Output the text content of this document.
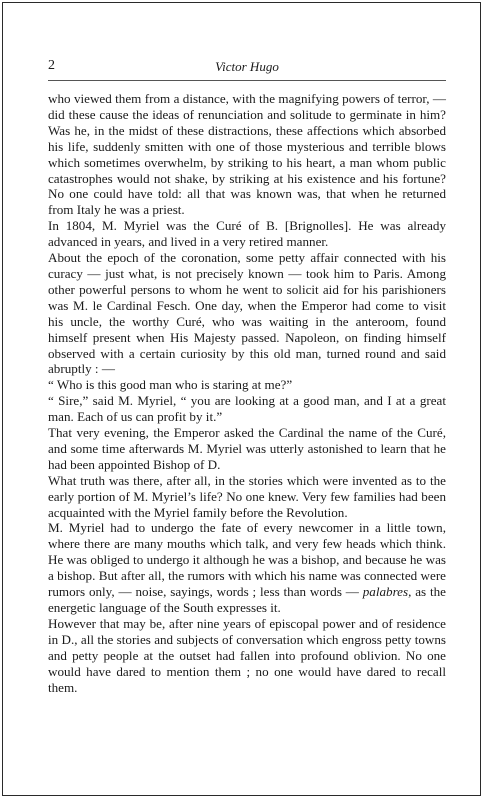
2	Victor Hugo

who viewed them from a distance, with the magnifying powers of terror, — did these cause the ideas of renunciation and solitude to germinate in him? Was he, in the midst of these distractions, these affections which absorbed his life, suddenly smitten with one of those mysterious and terrible blows which sometimes overwhelm, by striking to his heart, a man whom public catastrophes would not shake, by striking at his existence and his fortune? No one could have told: all that was known was, that when he returned from Italy he was a priest.

In 1804, M. Myriel was the Curé of B. [Brignolles]. He was already advanced in years, and lived in a very retired manner.

About the epoch of the coronation, some petty affair connected with his curacy — just what, is not precisely known — took him to Paris. Among other powerful persons to whom he went to solicit aid for his parishioners was M. le Cardinal Fesch. One day, when the Emperor had come to visit his uncle, the worthy Curé, who was waiting in the anteroom, found himself present when His Majesty passed. Napoleon, on finding himself observed with a certain curiosity by this old man, turned round and said abruptly : —

“ Who is this good man who is staring at me?”

“ Sire,” said M. Myriel, “ you are looking at a good man, and I at a great man. Each of us can profit by it.”

That very evening, the Emperor asked the Cardinal the name of the Curé, and some time afterwards M. Myriel was utterly astonished to learn that he had been appointed Bishop of D.

What truth was there, after all, in the stories which were invented as to the early portion of M. Myriel’s life? No one knew. Very few families had been acquainted with the Myriel family before the Revolution.

M. Myriel had to undergo the fate of every newcomer in a little town, where there are many mouths which talk, and very few heads which think. He was obliged to undergo it although he was a bishop, and because he was a bishop. But after all, the rumors with which his name was connected were rumors only, — noise, sayings, words ; less than words — palabres, as the energetic language of the South expresses it.

However that may be, after nine years of episcopal power and of residence in D., all the stories and subjects of conversation which engross petty towns and petty people at the outset had fallen into profound oblivion. No one would have dared to mention them ; no one would have dared to recall them.
